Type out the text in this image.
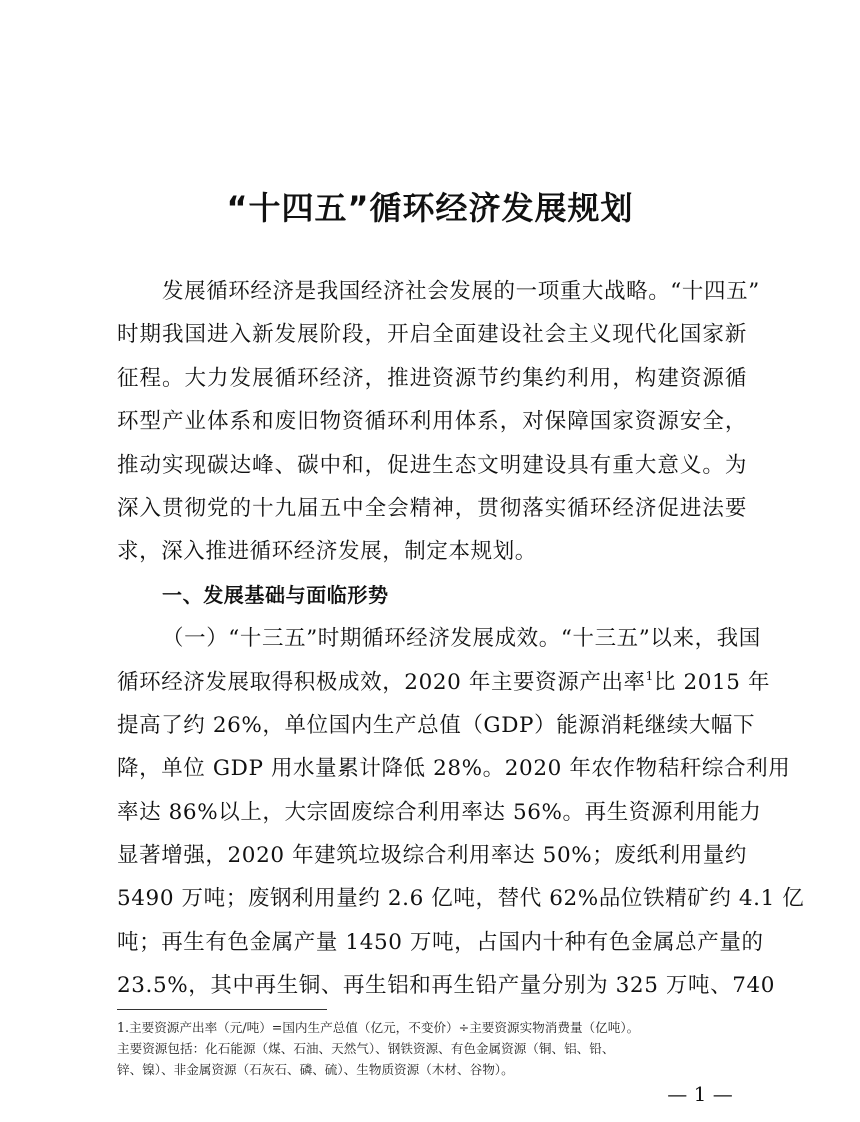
“十四五”循环经济发展规划
发展循环经济是我国经济社会发展的一项重大战略。“十四五”
时期我国进入新发展阶段，开启全面建设社会主义现代化国家新
征程。大力发展循环经济，推进资源节约集约利用，构建资源循
环型产业体系和废旧物资循环利用体系，对保障国家资源安全，
推动实现碳达峰、碳中和，促进生态文明建设具有重大意义。为
深入贯彻党的十九届五中全会精神，贯彻落实循环经济促进法要
求，深入推进循环经济发展，制定本规划。
一、发展基础与面临形势
（一）“十三五”时期循环经济发展成效。“十三五”以来，我国
循环经济发展取得积极成效，2020 年主要资源产出率$^1$比 2015 年
提高了约 26%，单位国内生产总值（GDP）能源消耗继续大幅下
降，单位 GDP 用水量累计降低 28%。2020 年农作物秸秆综合利用
率达 86%以上，大宗固废综合利用率达 56%。再生资源利用能力
显著增强，2020 年建筑垃圾综合利用率达 50%；废纸利用量约
5490 万吨；废钢利用量约 2.6 亿吨，替代 62%品位铁精矿约 4.1 亿
吨；再生有色金属产量 1450 万吨，占国内十种有色金属总产量的
23.5%，其中再生铜、再生铝和再生铅产量分别为 325 万吨、740
1.主要资源产出率（元/吨）=国内生产总值（亿元，不变价）÷主要资源实物消费量（亿吨）。
主要资源包括：化石能源（煤、石油、天然气）、钢铁资源、有色金属资源（铜、铝、铅、
锌、镍）、非金属资源（石灰石、磷、硫）、生物质资源（木材、谷物）。
— 1 —
